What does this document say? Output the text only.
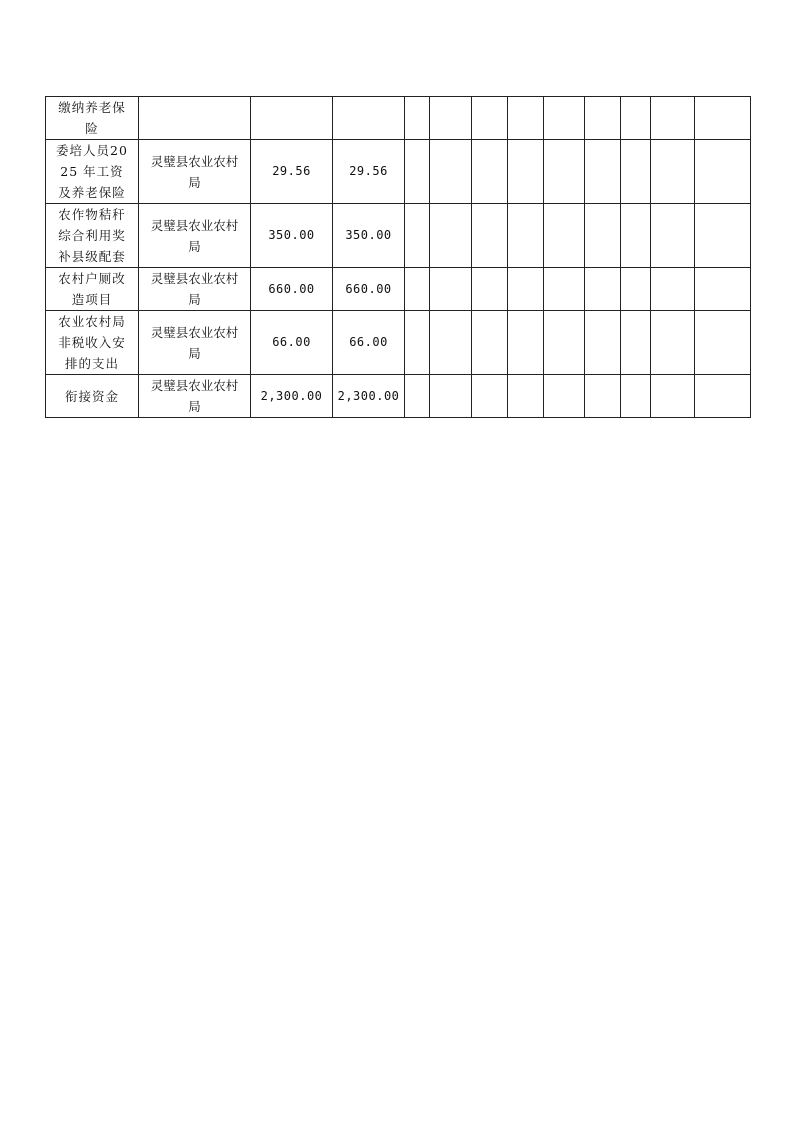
缴纳养老保险												
委培人员2025 年工资及养老保险	灵璧县农业农村局	29.56	29.56									
农作物秸秆综合利用奖补县级配套	灵璧县农业农村局	350.00	350.00									
农村户厕改造项目	灵璧县农业农村局	660.00	660.00									
农业农村局非税收入安排的支出	灵璧县农业农村局	66.00	66.00									
衔接资金	灵璧县农业农村局	2,300.00	2,300.00									
